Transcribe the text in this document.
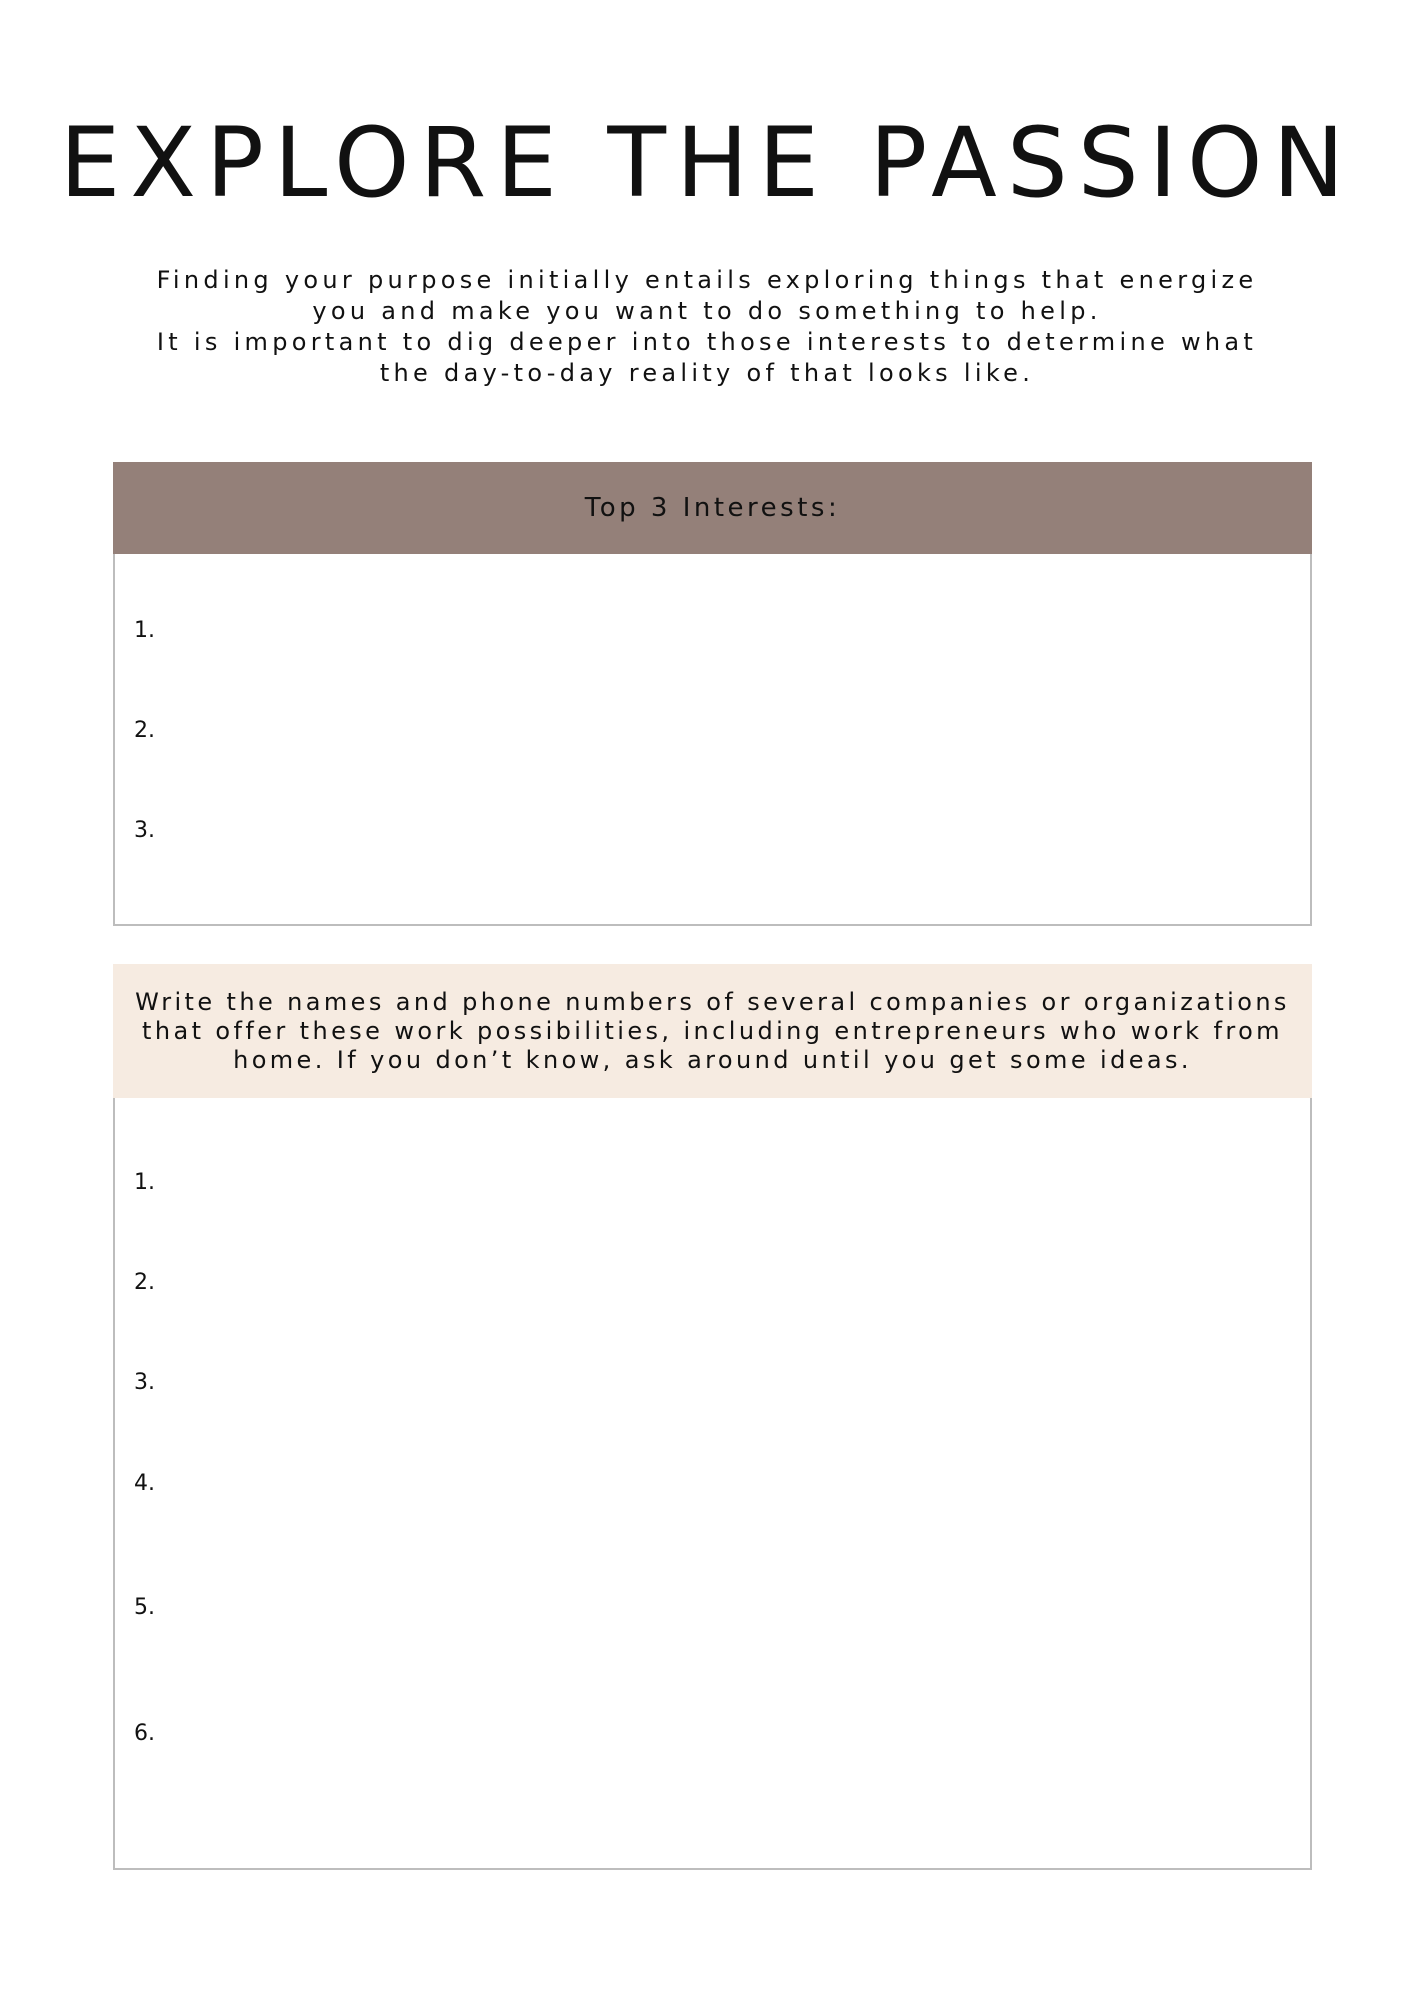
EXPLORE THE PASSION
Finding your purpose initially entails exploring things that energize
you and make you want to do something to help.
It is important to dig deeper into those interests to determine what
the day-to-day reality of that looks like.
Top 3 Interests:
1.
2.
3.
Write the names and phone numbers of several companies or organizations
that offer these work possibilities, including entrepreneurs who work from
home. If you don’t know, ask around until you get some ideas.
1.
2.
3.
4.
5.
6.
